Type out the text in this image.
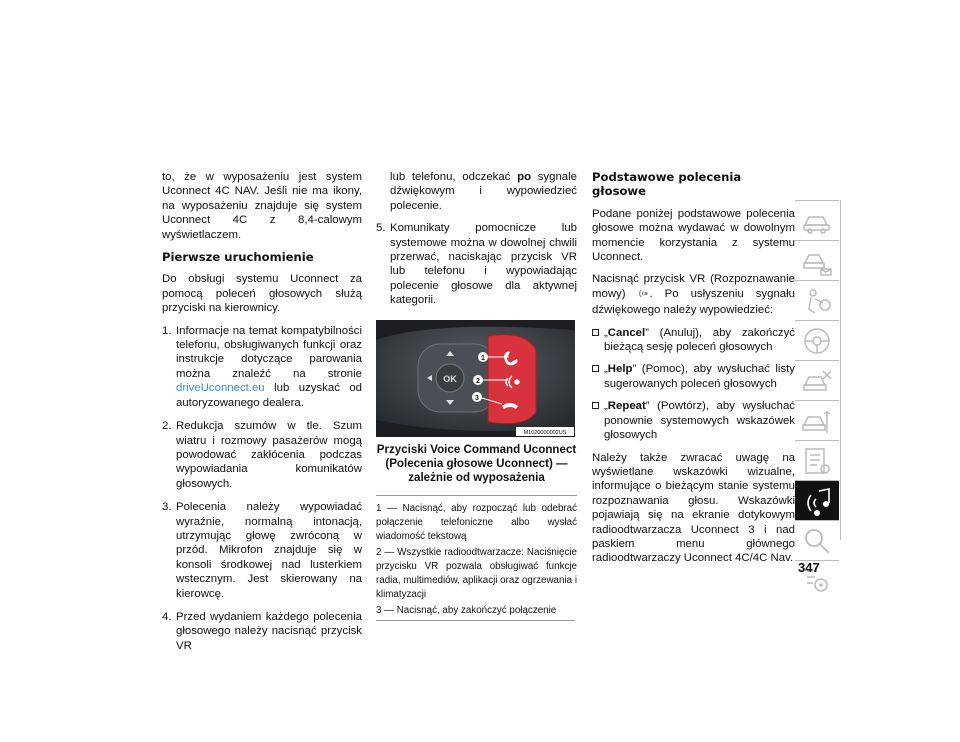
to, że w wyposażeniu jest system Uconnect 4C NAV. Jeśli nie ma ikony, na wyposażeniu znajduje się system Uconnect 4C z 8,4-calowym wyświetlaczem.

Pierwsze uruchomienie

Do obsługi systemu Uconnect za pomocą poleceń głosowych służą przyciski na kierownicy.

1. Informacje na temat kompatybilności telefonu, obsługiwanych funkcji oraz instrukcje dotyczące parowania można znaleźć na stronie driveUconnect.eu lub uzyskać od autoryzowanego dealera.
2. Redukcja szumów w tle. Szum wiatru i rozmowy pasażerów mogą powodować zakłócenia podczas wypowiadania komunikatów głosowych.
3. Polecenia należy wypowiadać wyraźnie, normalną intonacją, utrzymując głowę zwróconą w przód. Mikrofon znajduje się w konsoli środkowej nad lusterkiem wstecznym. Jest skierowany na kierowcę.
4. Przed wydaniem każdego polecenia głosowego należy nacisnąć przycisk VR

lub telefonu, odczekać po sygnale dźwiękowym i wypowiedzieć polecenie.

5. Komunikaty pomocnicze lub systemowe można w dowolnej chwili przerwać, naciskając przycisk VR lub telefonu i wypowiadając polecenie głosowe dla aktywnej kategorii.
OK
1
2
3
M1020000002US
Przyciski Voice Command Uconnect (Polecenia głosowe Uconnect) — zależnie od wyposażenia
1 — Nacisnąć, aby rozpocząć lub odebrać połączenie telefoniczne albo wysłać wiadomość tekstową
2 — Wszystkie radioodtwarzacze: Naciśnięcie przycisku VR pozwala obsługiwać funkcje radia, multimediów, aplikacji oraz ogrzewania i klimatyzacji
3 — Nacisnąć, aby zakończyć połączenie
Podstawowe polecenia głosowe

Podane poniżej podstawowe polecenia głosowe można wydawać w dowolnym momencie korzystania z systemu Uconnect.

Nacisnąć przycisk VR (Rozpoznawanie mowy) . Po usłyszeniu sygnału dźwiękowego należy wypowiedzieć:

„Cancel” (Anuluj), aby zakończyć bieżącą sesję poleceń głosowych
„Help” (Pomoc), aby wysłuchać listy sugerowanych poleceń głosowych
„Repeat” (Powtórz), aby wysłuchać ponownie systemowych wskazówek głosowych

Należy także zwracać uwagę na wyświetlane wskazówki wizualne, informujące o bieżącym stanie systemu rozpoznawania głosu. Wskazówki pojawiają się na ekranie dotykowym radioodtwarzacza Uconnect 3 i nad paskiem menu głównego radioodtwarzaczy Uconnect 4C/4C Nav.

347
